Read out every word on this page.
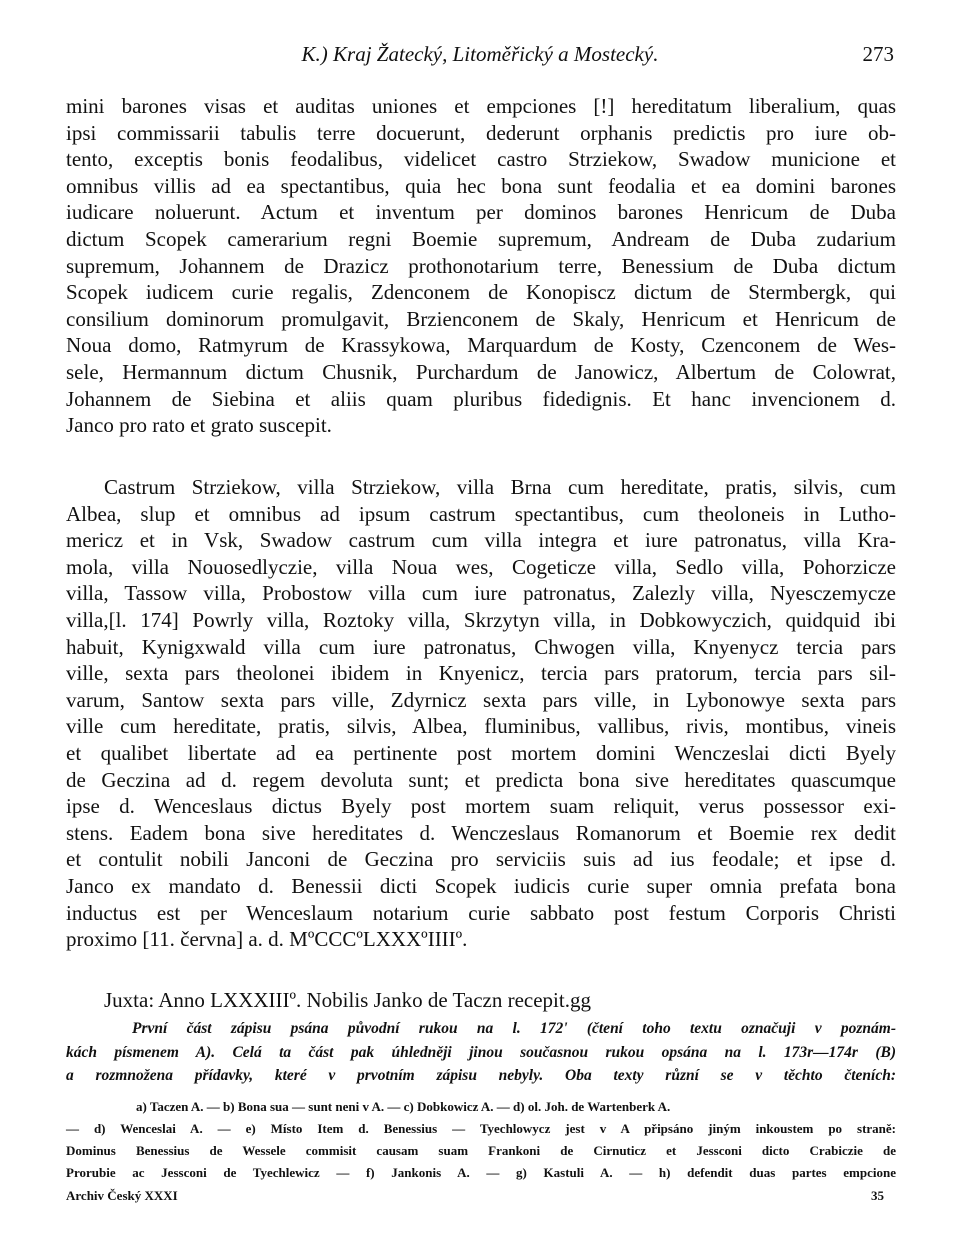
K.) Kraj Žatecký, Litoměřický a Mostecký.	273
mini barones visas et auditas uniones et empciones [!] hereditatum liberalium, quas
ipsi commissarii tabulis terre docuerunt, dederunt orphanis predictis pro iure ob-
tento, exceptis bonis feodalibus, videlicet castro Strziekow, Swadow municione et
omnibus villis ad ea spectantibus, quia hec bona sunt feodalia et ea domini barones
iudicare noluerunt. Actum et inventum per dominos barones Henricum de Duba
dictum Scopek camerarium regni Boemie supremum, Andream de Duba zudarium
supremum, Johannem de Drazicz prothonotarium terre, Benessium de Duba dictum
Scopek iudicem curie regalis, Zdenconem de Konopiscz dictum de Stermbergk, qui
consilium dominorum promulgavit, Brzienconem de Skaly, Henricum et Henricum de
Noua domo, Ratmyrum de Krassykowa, Marquardum de Kosty, Czenconem de Wes-
sele, Hermannum dictum Chusnik, Purchardum de Janowicz, Albertum de Colowrat,
Johannem de Siebina et aliis quam pluribus fidedignis. Et hanc invencionem d.
Janco pro rato et grato suscepit.
Castrum Strziekow, villa Strziekow, villa Brna cum hereditate, pratis, silvis, cum
Albea, slup et omnibus ad ipsum castrum spectantibus, cum theoloneis in Lutho-
mericz et in Vsk, Swadow castrum cum villa integra et iure patronatus, villa Kra-
mola, villa Nouosedlyczie, villa Noua wes, Cogeticze villa, Sedlo villa, Pohorzicze
villa, Tassow villa, Probostow villa cum iure patronatus, Zalezly villa, Nyesczemycze
villa,[l. 174] Powrly villa, Roztoky villa, Skrzytyn villa, in Dobkowyczich, quidquid ibi
habuit, Kynigxwald villa cum iure patronatus, Chwogen villa, Knyenycz tercia pars
ville, sexta pars theolonei ibidem in Knyenicz, tercia pars pratorum, tercia pars sil-
varum, Santow sexta pars ville, Zdyrnicz sexta pars ville, in Lybonowye sexta pars
ville cum hereditate, pratis, silvis, Albea, fluminibus, vallibus, rivis, montibus, vineis
et qualibet libertate ad ea pertinente post mortem domini Wenczeslai dicti Byely
de Geczina ad d. regem devoluta sunt; et predicta bona sive hereditates quascumque
ipse d. Wenceslaus dictus Byely post mortem suam reliquit, verus possessor exi-
stens. Eadem bona sive hereditates d. Wenczeslaus Romanorum et Boemie rex dedit
et contulit nobili Janconi de Geczina pro serviciis suis ad ius feodale; et ipse d.
Janco ex mandato d. Benessii dicti Scopek iudicis curie super omnia prefata bona
inductus est per Wenceslaum notarium curie sabbato post festum Corporis Christi
proximo [11. června] a. d. MºCCCºLXXXºIIIIº.
Juxta: Anno LXXXIIIº. Nobilis Janko de Taczn recepit.gg
První část zápisu psána původní rukou na l. 172' (čtení toho textu označuji v poznám-
kách písmenem A). Celá ta část pak úhledněji jinou současnou rukou opsána na l. 173r—174r (B)
a rozmnožena přídavky, které v prvotním zápisu nebyly. Oba texty různí se v těchto čteních:
a) Taczen A. — b) Bona sua — sunt neni v A. — c) Dobkowicz A. — d) ol. Joh. de Wartenberk A.
— d) Wenceslai A. — e) Místo Item d. Benessius — Tyechlowycz jest v A připsáno jiným inkoustem po straně:
Dominus Benessius de Wessele commisit causam suam Frankoni de Cirnuticz et Jessconi dicto Crabiczie de
Prorubie ac Jessconi de Tyechlewicz — f) Jankonis A. — g) Kastuli A. — h) defendit duas partes empcione
Archiv Český XXXI	35
